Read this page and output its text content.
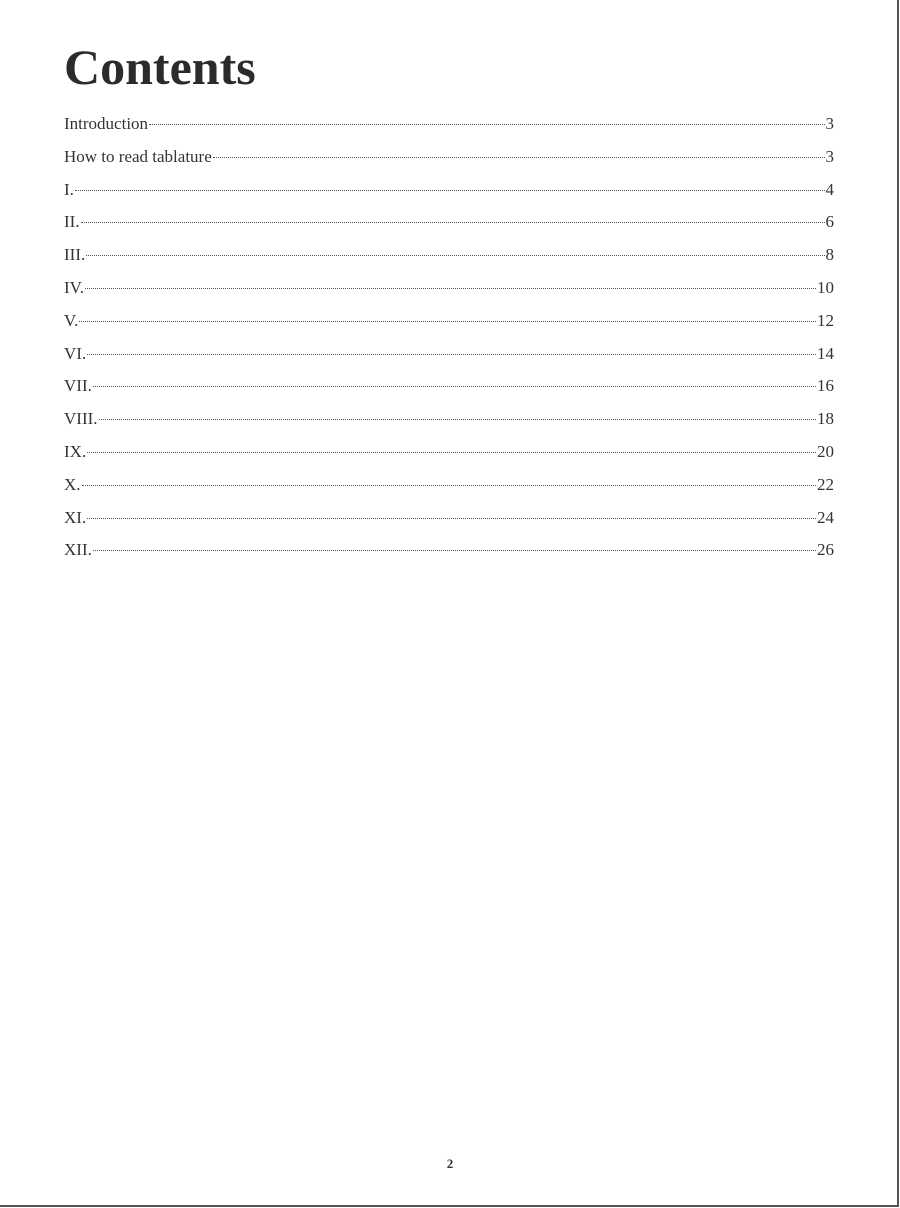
Contents
Introduction	3
How to read tablature	3
I.	4
II.	6
III.	8
IV.	10
V.	12
VI.	14
VII.	16
VIII.	18
IX.	20
X.	22
XI.	24
XII.	26
2
